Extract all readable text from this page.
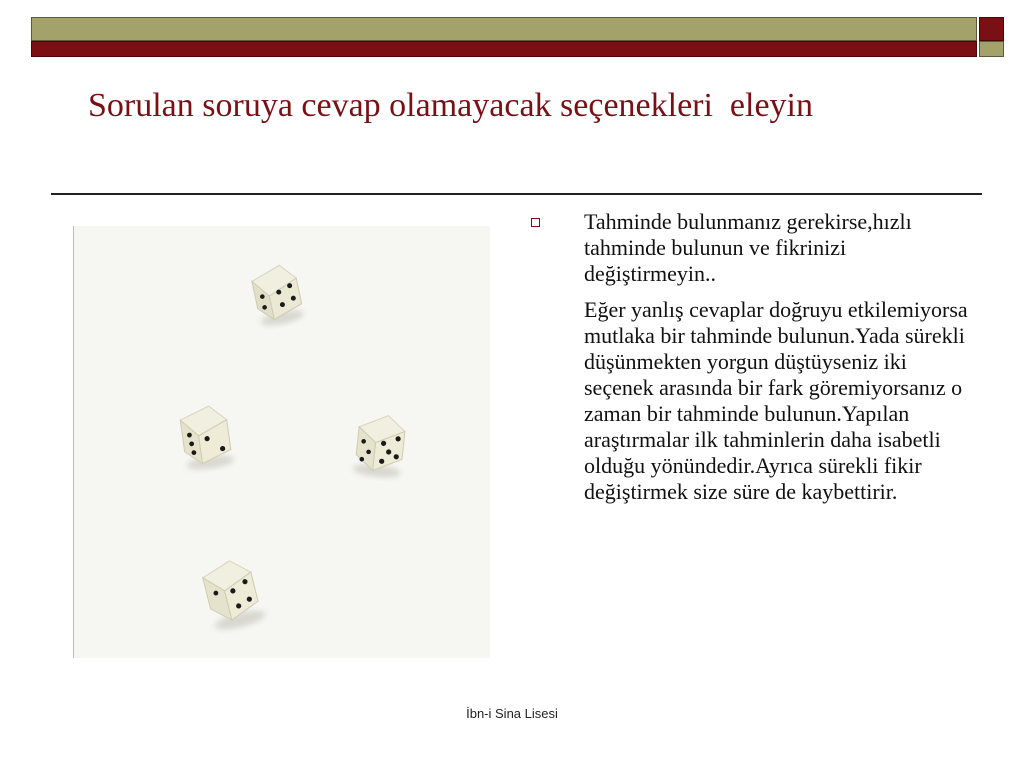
Sorulan soruya cevap olamayacak seçenekleri  eleyin

Tahminde bulunmanız gerekirse,hızlı tahminde bulunun ve fikrinizi değiştirmeyin..

Eğer yanlış cevaplar doğruyu etkilemiyorsa mutlaka bir tahminde bulunun.Yada sürekli düşünmekten yorgun düştüyseniz iki seçenek arasında bir fark göremiyorsanız o zaman bir tahminde bulunun.Yapılan araştırmalar ilk tahminlerin daha isabetli olduğu yönündedir.Ayrıca sürekli fikir değiştirmek size süre de kaybettirir.

İbn-i Sina Lisesi
